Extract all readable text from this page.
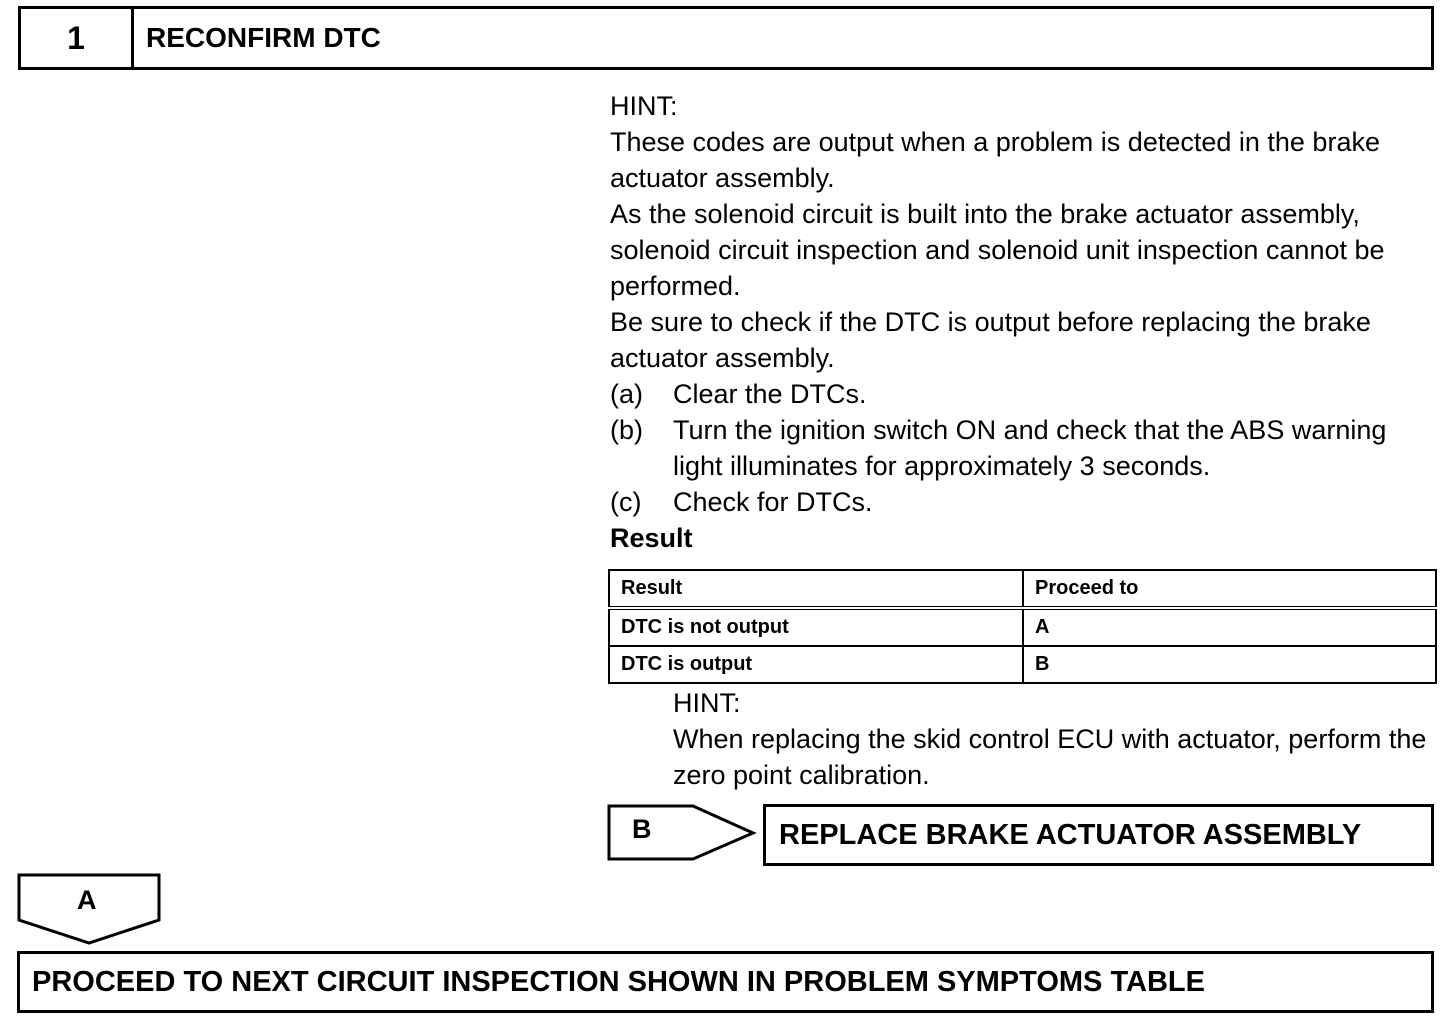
1	RECONFIRM DTC

HINT:

These codes are output when a problem is detected in the brake actuator assembly.

As the solenoid circuit is built into the brake actuator assembly, solenoid circuit inspection and solenoid unit inspection cannot be performed.

Be sure to check if the DTC is output before replacing the brake actuator assembly.

(a)	Clear the DTCs.
(b)	Turn the ignition switch ON and check that the ABS warning light illuminates for approximately 3 seconds.
(c)	Check for DTCs.

Result

Result	Proceed to
DTC is not output	A
DTC is output	B

HINT:

When replacing the skid control ECU with actuator, perform the zero point calibration.

B	REPLACE BRAKE ACTUATOR ASSEMBLY
A
PROCEED TO NEXT CIRCUIT INSPECTION SHOWN IN PROBLEM SYMPTOMS TABLE
